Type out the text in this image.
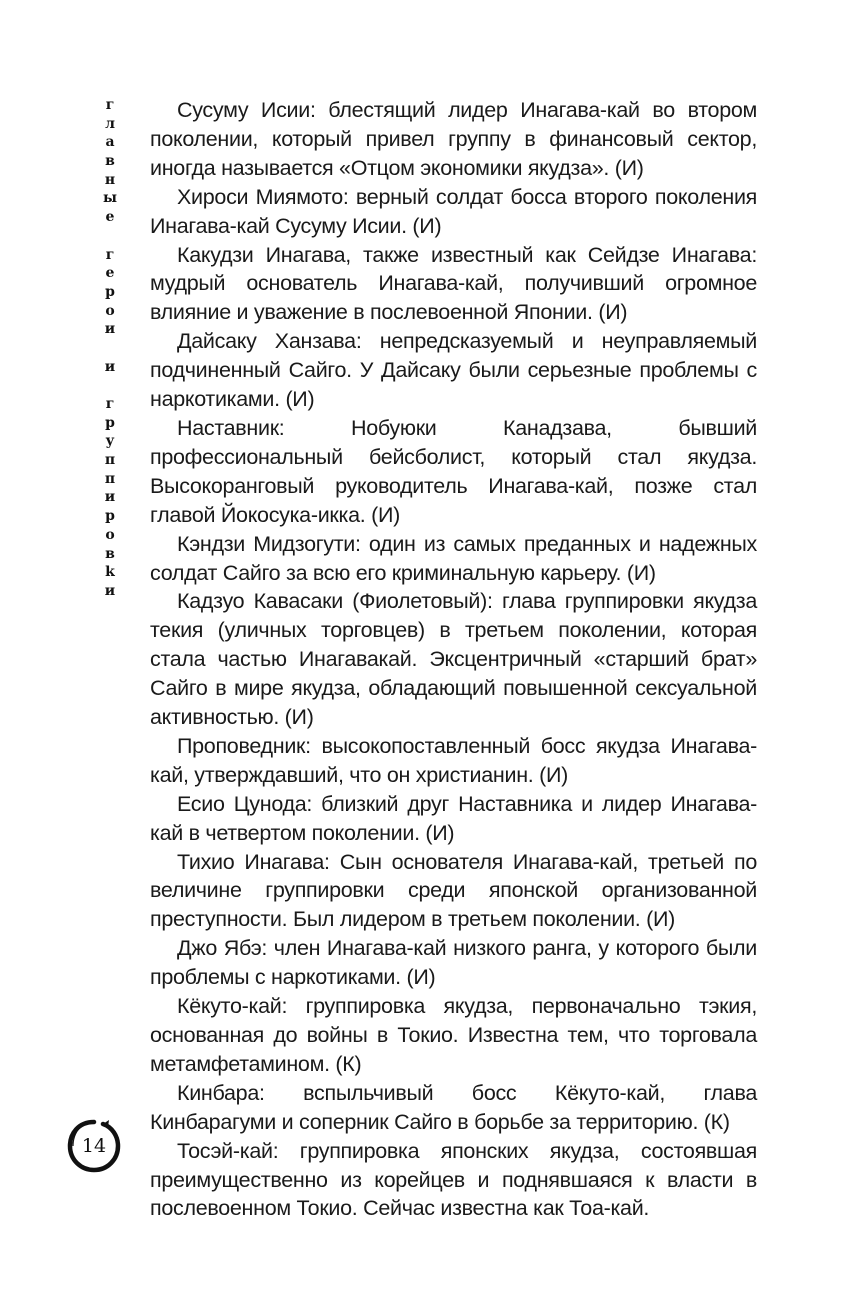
г
л
а
в
н
ы
е
г
е
р
о
и
и
г
р
у
п
п
и
р
о
в
k
и

Сусуму Исии: блестящий лидер Инагава-кай во втором поколении, который привел группу в финансовый сектор, иногда называется «Отцом экономики якудза». (И)

Хироси Миямото: верный солдат босса второго поколения Инагава-кай Сусуму Исии. (И)

Какудзи Инагава, также известный как Сейдзе Инагава: мудрый основатель Инагава-кай, получивший огромное влияние и уважение в послевоенной Японии. (И)

Дайсаку Ханзава: непредсказуемый и неуправляемый подчиненный Сайго. У Дайсаку были серьезные проблемы с наркотиками. (И)

Наставник: Нобуюки Канадзава, бывший профессиональный бейсболист, который стал якудза. Высокоранговый руководитель Инагава-кай, позже стал главой Йокосука-икка. (И)

Кэндзи Мидзогути: один из самых преданных и надежных солдат Сайго за всю его криминальную карьеру. (И)

Кадзуо Кавасаки (Фиолетовый): глава группировки якудза текия (уличных торговцев) в третьем поколении, которая стала частью Инагавакай. Эксцентричный «старший брат» Сайго в мире якудза, обладающий повышенной сексуальной активностью. (И)

Проповедник: высокопоставленный босс якудза Инагава-кай, утверждавший, что он христианин. (И)

Есио Цунода: близкий друг Наставника и лидер Инагава-кай в четвертом поколении. (И)

Тихио Инагава: Сын основателя Инагава-кай, третьей по величине группировки среди японской организованной преступности. Был лидером в третьем поколении. (И)

Джо Ябэ: член Инагава-кай низкого ранга, у которого были проблемы с наркотиками. (И)

Кёкуто-кай: группировка якудза, первоначально тэкия, основанная до войны в Токио. Известна тем, что торговала метамфетамином. (К)

Кинбара: вспыльчивый босс Кёкуто-кай, глава Кинбарагуми и соперник Сайго в борьбе за территорию. (К)

Тосэй-кай: группировка японских якудза, состоявшая преимущественно из корейцев и поднявшаяся к власти в послевоенном Токио. Сейчас известна как Тоа-кай.

14
